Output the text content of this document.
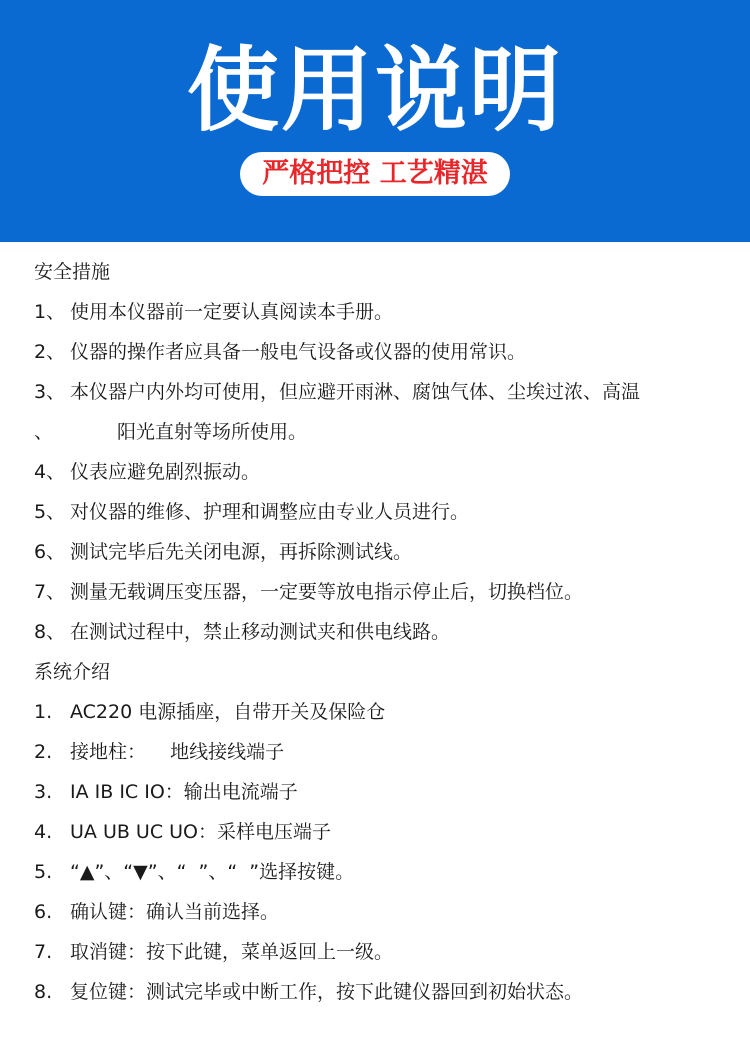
使用说明
严格把控 工艺精湛
安全措施
1、 使用本仪器前一定要认真阅读本手册。
2、 仪器的操作者应具备一般电气设备或仪器的使用常识。
3、 本仪器户内外均可使用，但应避开雨淋、腐蚀气体、尘埃过浓、高温
、	阳光直射等场所使用。
4、 仪表应避免剧烈振动。
5、 对仪器的维修、护理和调整应由专业人员进行。
6、 测试完毕后先关闭电源，再拆除测试线。
7、 测量无载调压变压器，一定要等放电指示停止后，切换档位。
8、 在测试过程中，禁止移动测试夹和供电线路。
系统介绍
1. AC220 电源插座，自带开关及保险仓
2. 接地柱：    地线接线端子
3. IA IB IC IO：输出电流端子
4. UA UB UC UO：采样电压端子
5. “▲”、“▼”、“  ”、“  ”选择按键。
6. 确认键：确认当前选择。
7. 取消键：按下此键，菜单返回上一级。
8. 复位键：测试完毕或中断工作，按下此键仪器回到初始状态。
